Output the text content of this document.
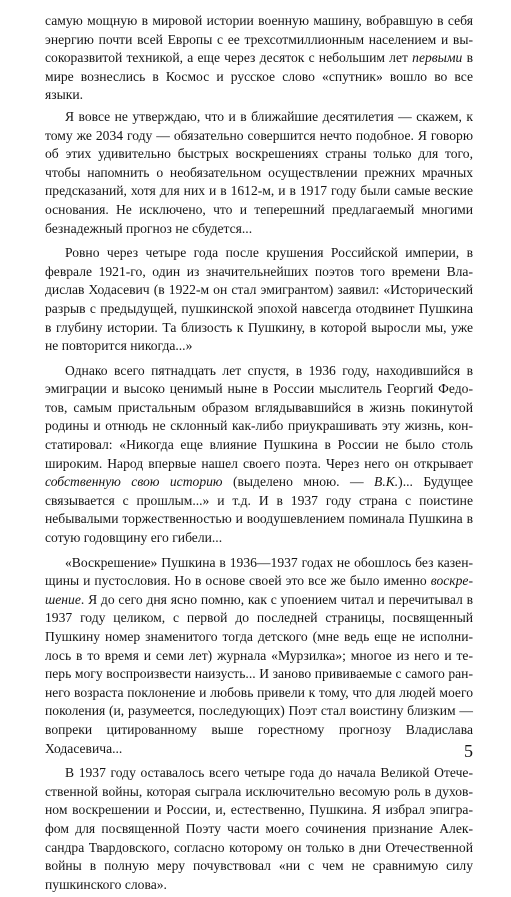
самую мощную в мировой истории военную машину, вобравшую в себя энергию почти всей Европы с ее трехсотмиллионным населением и высокоразвитой техникой, а еще через десяток с небольшим лет первыми в мире вознеслись в Космос и русское слово «спутник» вошло во все языки.

Я вовсе не утверждаю, что и в ближайшие десятилетия — скажем, к тому же 2034 году — обязательно совершится нечто подобное. Я говорю об этих удивительно быстрых воскрешениях страны только для того, чтобы напомнить о необязательном осуществлении прежних мрачных предсказаний, хотя для них и в 1612-м, и в 1917 году были самые веские основания. Не исключено, что и теперешний предлагаемый многими безнадежный прогноз не сбудется...

Ровно через четыре года после крушения Российской империи, в феврале 1921-го, один из значительнейших поэтов того времени Владислав Ходасевич (в 1922-м он стал эмигрантом) заявил: «Исторический разрыв с предыдущей, пушкинской эпохой навсегда отодвинет Пушкина в глубину истории. Та близость к Пушкину, в которой выросли мы, уже не повторится никогда...»

Однако всего пятнадцать лет спустя, в 1936 году, находившийся в эмиграции и высоко ценимый ныне в России мыслитель Георгий Федотов, самым пристальным образом вглядывавшийся в жизнь покинутой родины и отнюдь не склонный как-либо приукрашивать эту жизнь, констатировал: «Никогда еще влияние Пушкина в России не было столь широким. Народ впервые нашел своего поэта. Через него он открывает собственную свою историю (выделено мною. — В.К.)... Будущее связывается с прошлым...» и т.д. И в 1937 году страна с поистине небывалыми торжественностью и воодушевлением поминала Пушкина в сотую годовщину его гибели...

«Воскрешение» Пушкина в 1936—1937 годах не обошлось без казенщины и пустословия. Но в основе своей это все же было именно воскрешение. Я до сего дня ясно помню, как с упоением читал и перечитывал в 1937 году целиком, с первой до последней страницы, посвященный Пушкину номер знаменитого тогда детского (мне ведь еще не исполнилось в то время и семи лет) журнала «Мурзилка»; многое из него и теперь могу воспроизвести наизусть... И заново прививаемые с самого раннего возраста поклонение и любовь привели к тому, что для людей моего поколения (и, разумеется, последующих) Поэт стал воистину близким — вопреки цитированному выше горестному прогнозу Владислава Ходасевича...

В 1937 году оставалось всего четыре года до начала Великой Отечественной войны, которая сыграла исключительно весомую роль в духовном воскрешении и России, и, естественно, Пушкина. Я избрал эпиграфом для посвященной Поэту части моего сочинения признание Александра Твардовского, согласно которому он только в дни Отечественной войны в полную меру почувствовал «ни с чем не сравнимую силу пушкинского слова».

5
